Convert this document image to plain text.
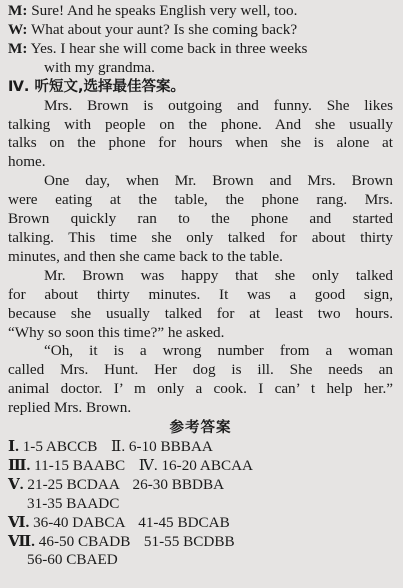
M: Sure! And he speaks English very well, too.
W: What about your aunt? Is she coming back?
M: Yes. I hear she will come back in three weeks
with my grandma.
Ⅳ. 听短文,选择最佳答案。
Mrs. Brown is outgoing and funny. She likes
talking with people on the phone. And she usually
talks on the phone for hours when she is alone at
home.
One day, when Mr. Brown and Mrs. Brown
were eating at the table, the phone rang. Mrs.
Brown quickly ran to the phone and started
talking. This time she only talked for about thirty
minutes, and then she came back to the table.
Mr. Brown was happy that she only talked
for about thirty minutes. It was a good sign,
because she usually talked for at least two hours.
“Why so soon this time?” he asked.
“Oh, it is a wrong number from a woman
called Mrs. Hunt. Her dog is ill. She needs an
animal doctor. I’ m only a cook. I can’ t help her.”
replied Mrs. Brown.
参考答案
Ⅰ. 1-5 ABCCB Ⅱ. 6-10 BBBAA
Ⅲ. 11-15 BAABC Ⅳ. 16-20 ABCAA
Ⅴ. 21-25 BCDAA 26-30 BBDBA
31-35 BAADC
Ⅵ. 36-40 DABCA 41-45 BDCAB
Ⅶ. 46-50 CBADB 51-55 BCDBB
56-60 CBAED
